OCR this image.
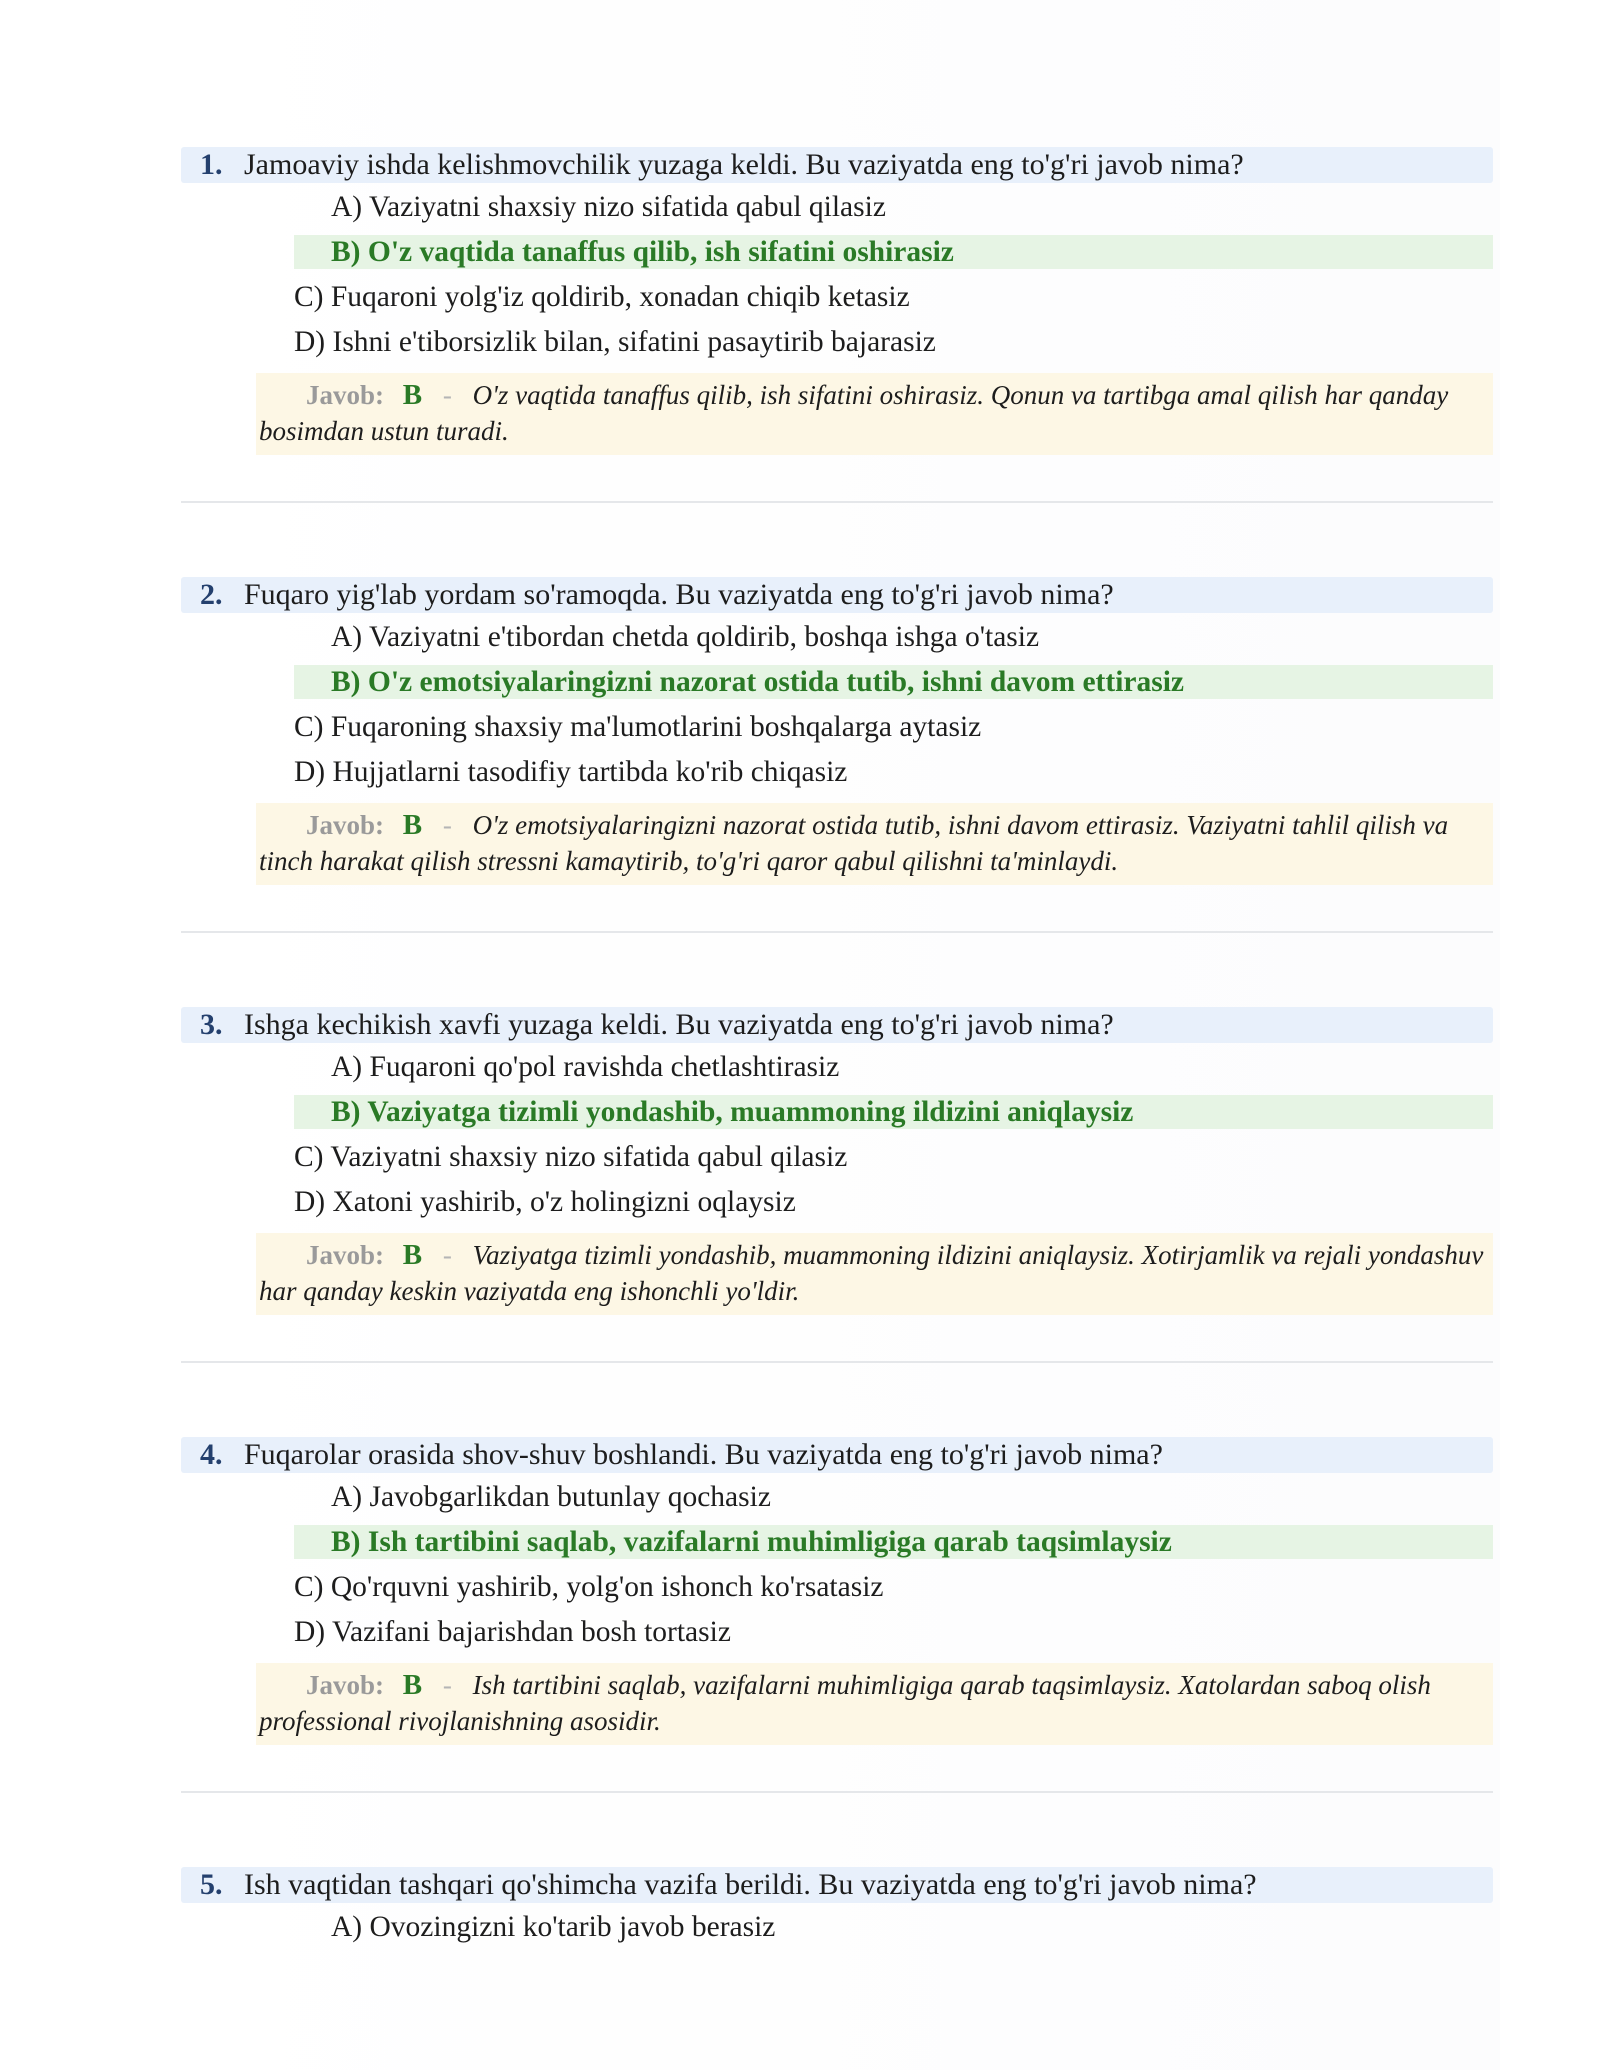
1. Jamoaviy ishda kelishmovchilik yuzaga keldi. Bu vaziyatda eng to'g'ri javob nima?
A) Vaziyatni shaxsiy nizo sifatida qabul qilasiz
B) O'z vaqtida tanaffus qilib, ish sifatini oshirasiz
C) Fuqaroni yolg'iz qoldirib, xonadan chiqib ketasiz
D) Ishni e'tiborsizlik bilan, sifatini pasaytirib bajarasiz
Javob: B - O'z vaqtida tanaffus qilib, ish sifatini oshirasiz. Qonun va tartibga amal qilish har qanday bosimdan ustun turadi.
2. Fuqaro yig'lab yordam so'ramoqda. Bu vaziyatda eng to'g'ri javob nima?
A) Vaziyatni e'tibordan chetda qoldirib, boshqa ishga o'tasiz
B) O'z emotsiyalaringizni nazorat ostida tutib, ishni davom ettirasiz
C) Fuqaroning shaxsiy ma'lumotlarini boshqalarga aytasiz
D) Hujjatlarni tasodifiy tartibda ko'rib chiqasiz
Javob: B - O'z emotsiyalaringizni nazorat ostida tutib, ishni davom ettirasiz. Vaziyatni tahlil qilish va tinch harakat qilish stressni kamaytirib, to'g'ri qaror qabul qilishni ta'minlaydi.
3. Ishga kechikish xavfi yuzaga keldi. Bu vaziyatda eng to'g'ri javob nima?
A) Fuqaroni qo'pol ravishda chetlashtirasiz
B) Vaziyatga tizimli yondashib, muammoning ildizini aniqlaysiz
C) Vaziyatni shaxsiy nizo sifatida qabul qilasiz
D) Xatoni yashirib, o'z holingizni oqlaysiz
Javob: B - Vaziyatga tizimli yondashib, muammoning ildizini aniqlaysiz. Xotirjamlik va rejali yondashuv har qanday keskin vaziyatda eng ishonchli yo'ldir.
4. Fuqarolar orasida shov-shuv boshlandi. Bu vaziyatda eng to'g'ri javob nima?
A) Javobgarlikdan butunlay qochasiz
B) Ish tartibini saqlab, vazifalarni muhimligiga qarab taqsimlaysiz
C) Qo'rquvni yashirib, yolg'on ishonch ko'rsatasiz
D) Vazifani bajarishdan bosh tortasiz
Javob: B - Ish tartibini saqlab, vazifalarni muhimligiga qarab taqsimlaysiz. Xatolardan saboq olish professional rivojlanishning asosidir.
5. Ish vaqtidan tashqari qo'shimcha vazifa berildi. Bu vaziyatda eng to'g'ri javob nima?
A) Ovozingizni ko'tarib javob berasiz
